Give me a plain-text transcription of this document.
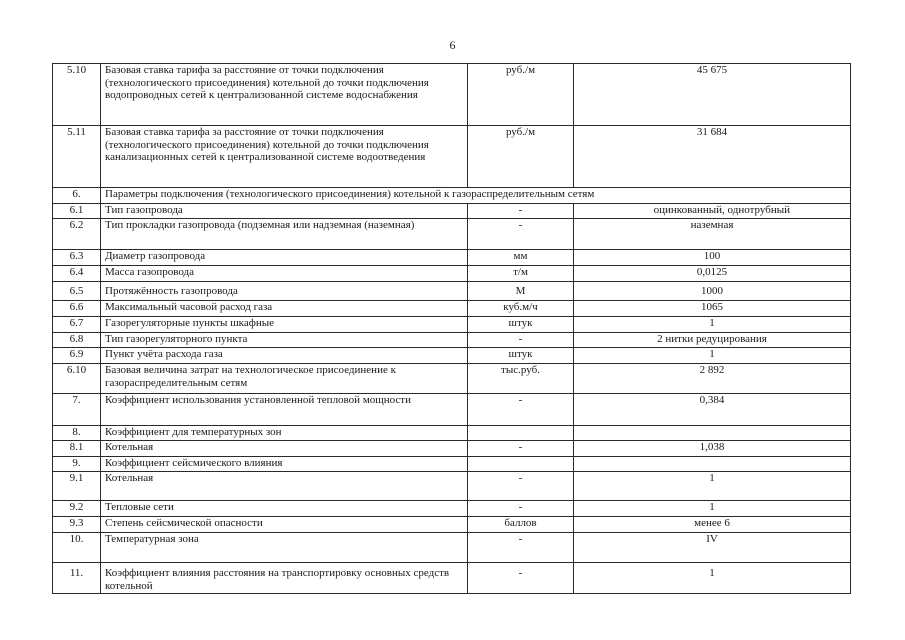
6
5.10	Базовая ставка тарифа за расстояние от точки подключения (технологического присоединения) котельной до точки подключения водопроводных сетей к централизованной системе водоснабжения	руб./м	45 675
5.11	Базовая ставка тарифа за расстояние от точки подключения (технологического присоединения) котельной до точки подключения канализационных сетей к централизованной системе водоотведения	руб./м	31 684
6.	Параметры подключения (технологического присоединения) котельной к газораспределительным сетям		
6.1	Тип газопровода	-	оцинкованный, однотрубный
6.2	Тип прокладки газопровода (подземная или надземная (наземная)	-	наземная
6.3	Диаметр газопровода	мм	100
6.4	Масса газопровода	т/м	0,0125
6.5	Протяжённость газопровода	М	1000
6.6	Максимальный часовой расход газа	куб.м/ч	1065
6.7	Газорегуляторные пункты шкафные	штук	1
6.8	Тип газорегуляторного пункта	-	2 нитки редуцирования
6.9	Пункт учёта расхода газа	штук	1
6.10	Базовая величина затрат на технологическое присоединение к газораспределительным сетям	тыс.руб.	2 892
7.	Коэффициент использования установленной тепловой мощности	-	0,384
8.	Коэффициент для температурных зон		
8.1	Котельная	-	1,038
9.	Коэффициент сейсмического влияния		
9.1	Котельная	-	1
9.2	Тепловые сети	-	1
9.3	Степень сейсмической опасности	баллов	менее 6
10.	Температурная зона	-	IV
11.	Коэффициент влияния расстояния на транспортировку основных средств котельной	-	1
